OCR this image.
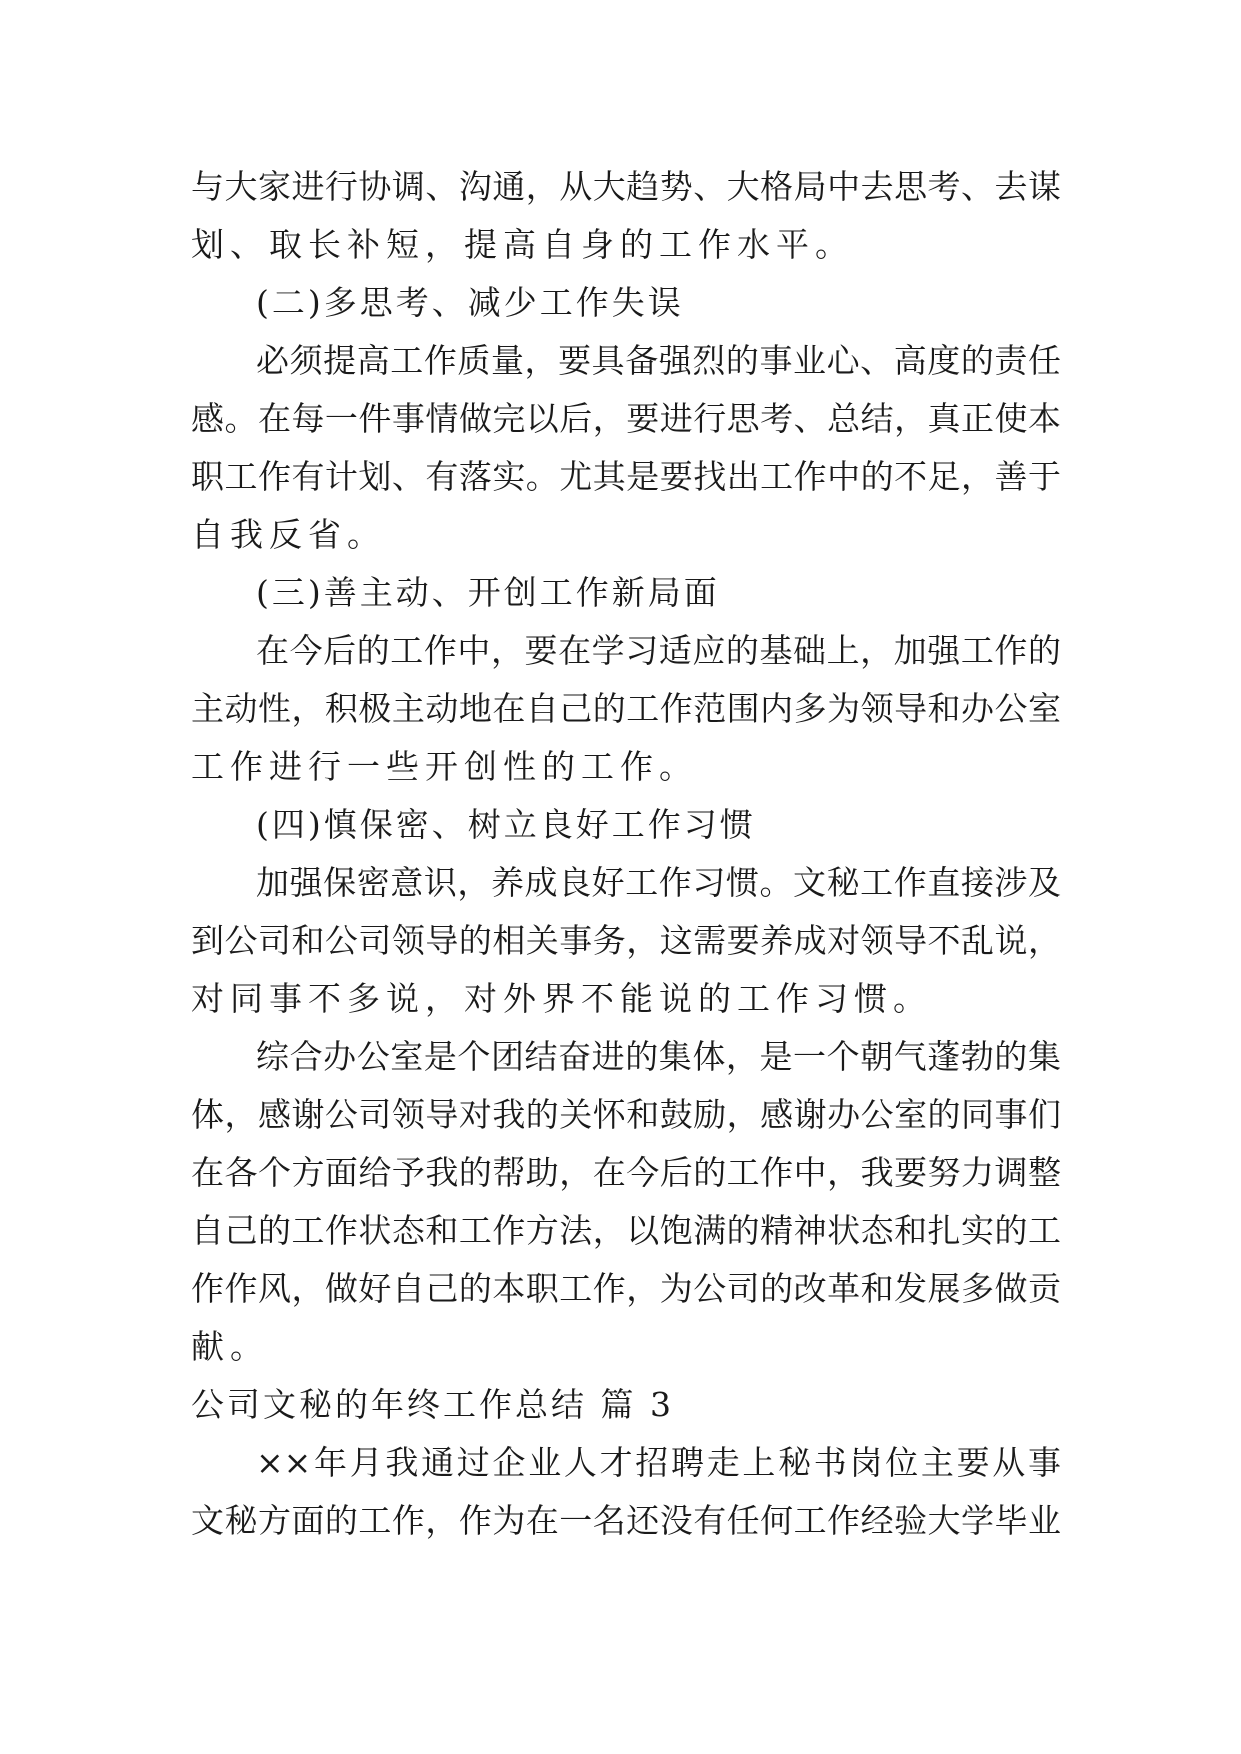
与大家进行协调、沟通，从大趋势、大格局中去思考、去谋
划、取长补短，提高自身的工作水平。
(二)多思考、减少工作失误
必须提高工作质量，要具备强烈的事业心、高度的责任
感。在每一件事情做完以后，要进行思考、总结，真正使本
职工作有计划、有落实。尤其是要找出工作中的不足，善于
自我反省。
(三)善主动、开创工作新局面
在今后的工作中，要在学习适应的基础上，加强工作的
主动性，积极主动地在自己的工作范围内多为领导和办公室
工作进行一些开创性的工作。
(四)慎保密、树立良好工作习惯
加强保密意识，养成良好工作习惯。文秘工作直接涉及
到公司和公司领导的相关事务，这需要养成对领导不乱说，
对同事不多说，对外界不能说的工作习惯。
综合办公室是个团结奋进的集体，是一个朝气蓬勃的集
体，感谢公司领导对我的关怀和鼓励，感谢办公室的同事们
在各个方面给予我的帮助，在今后的工作中，我要努力调整
自己的工作状态和工作方法，以饱满的精神状态和扎实的工
作作风，做好自己的本职工作，为公司的改革和发展多做贡
献。
公司文秘的年终工作总结 篇 3
××年月我通过企业人才招聘走上秘书岗位主要从事
文秘方面的工作，作为在一名还没有任何工作经验大学毕业
